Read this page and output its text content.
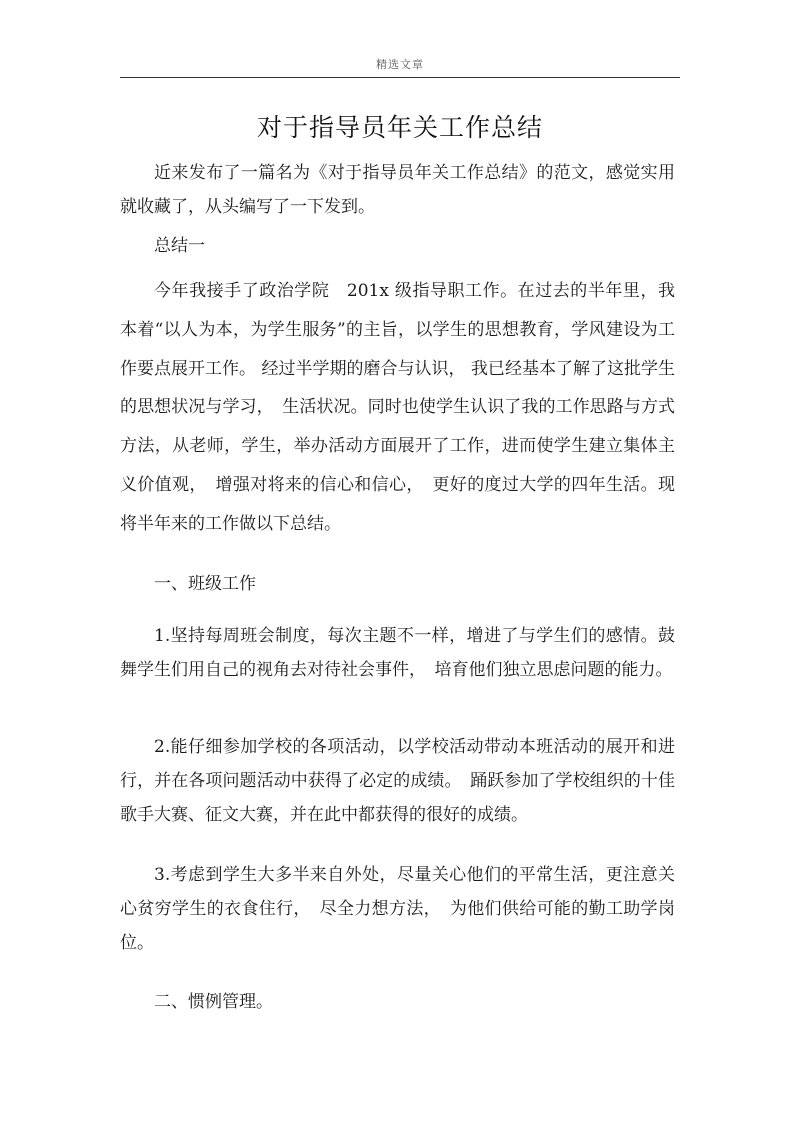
精选文章
对于指导员年关工作总结

近来发布了一篇名为《对于指导员年关工作总结》的范文，感觉实用就收藏了，从头编写了一下发到。

总结一

今年我接手了政治学院　201x 级指导职工作。在过去的半年里，我本着“以人为本，为学生服务”的主旨，以学生的思想教育，学风建设为工作要点展开工作。 经过半学期的磨合与认识， 我已经基本了解了这批学生的思想状况与学习，　生活状况。同时也使学生认识了我的工作思路与方式方法，从老师，学生，举办活动方面展开了工作，进而使学生建立集体主义价值观，　增强对将来的信心和信心，　更好的度过大学的四年生活。现将半年来的工作做以下总结。

一、班级工作

1.坚持每周班会制度，每次主题不一样，增进了与学生们的感情。鼓舞学生们用自己的视角去对待社会事件，　培育他们独立思虑问题的能力。

2.能仔细参加学校的各项活动，以学校活动带动本班活动的展开和进行，并在各项问题活动中获得了必定的成绩。　踊跃参加了学校组织的十佳歌手大赛、征文大赛，并在此中都获得的很好的成绩。

3.考虑到学生大多半来自外处，尽量关心他们的平常生活，更注意关心贫穷学生的衣食住行，　尽全力想方法，　为他们供给可能的勤工助学岗位。

二、惯例管理。
